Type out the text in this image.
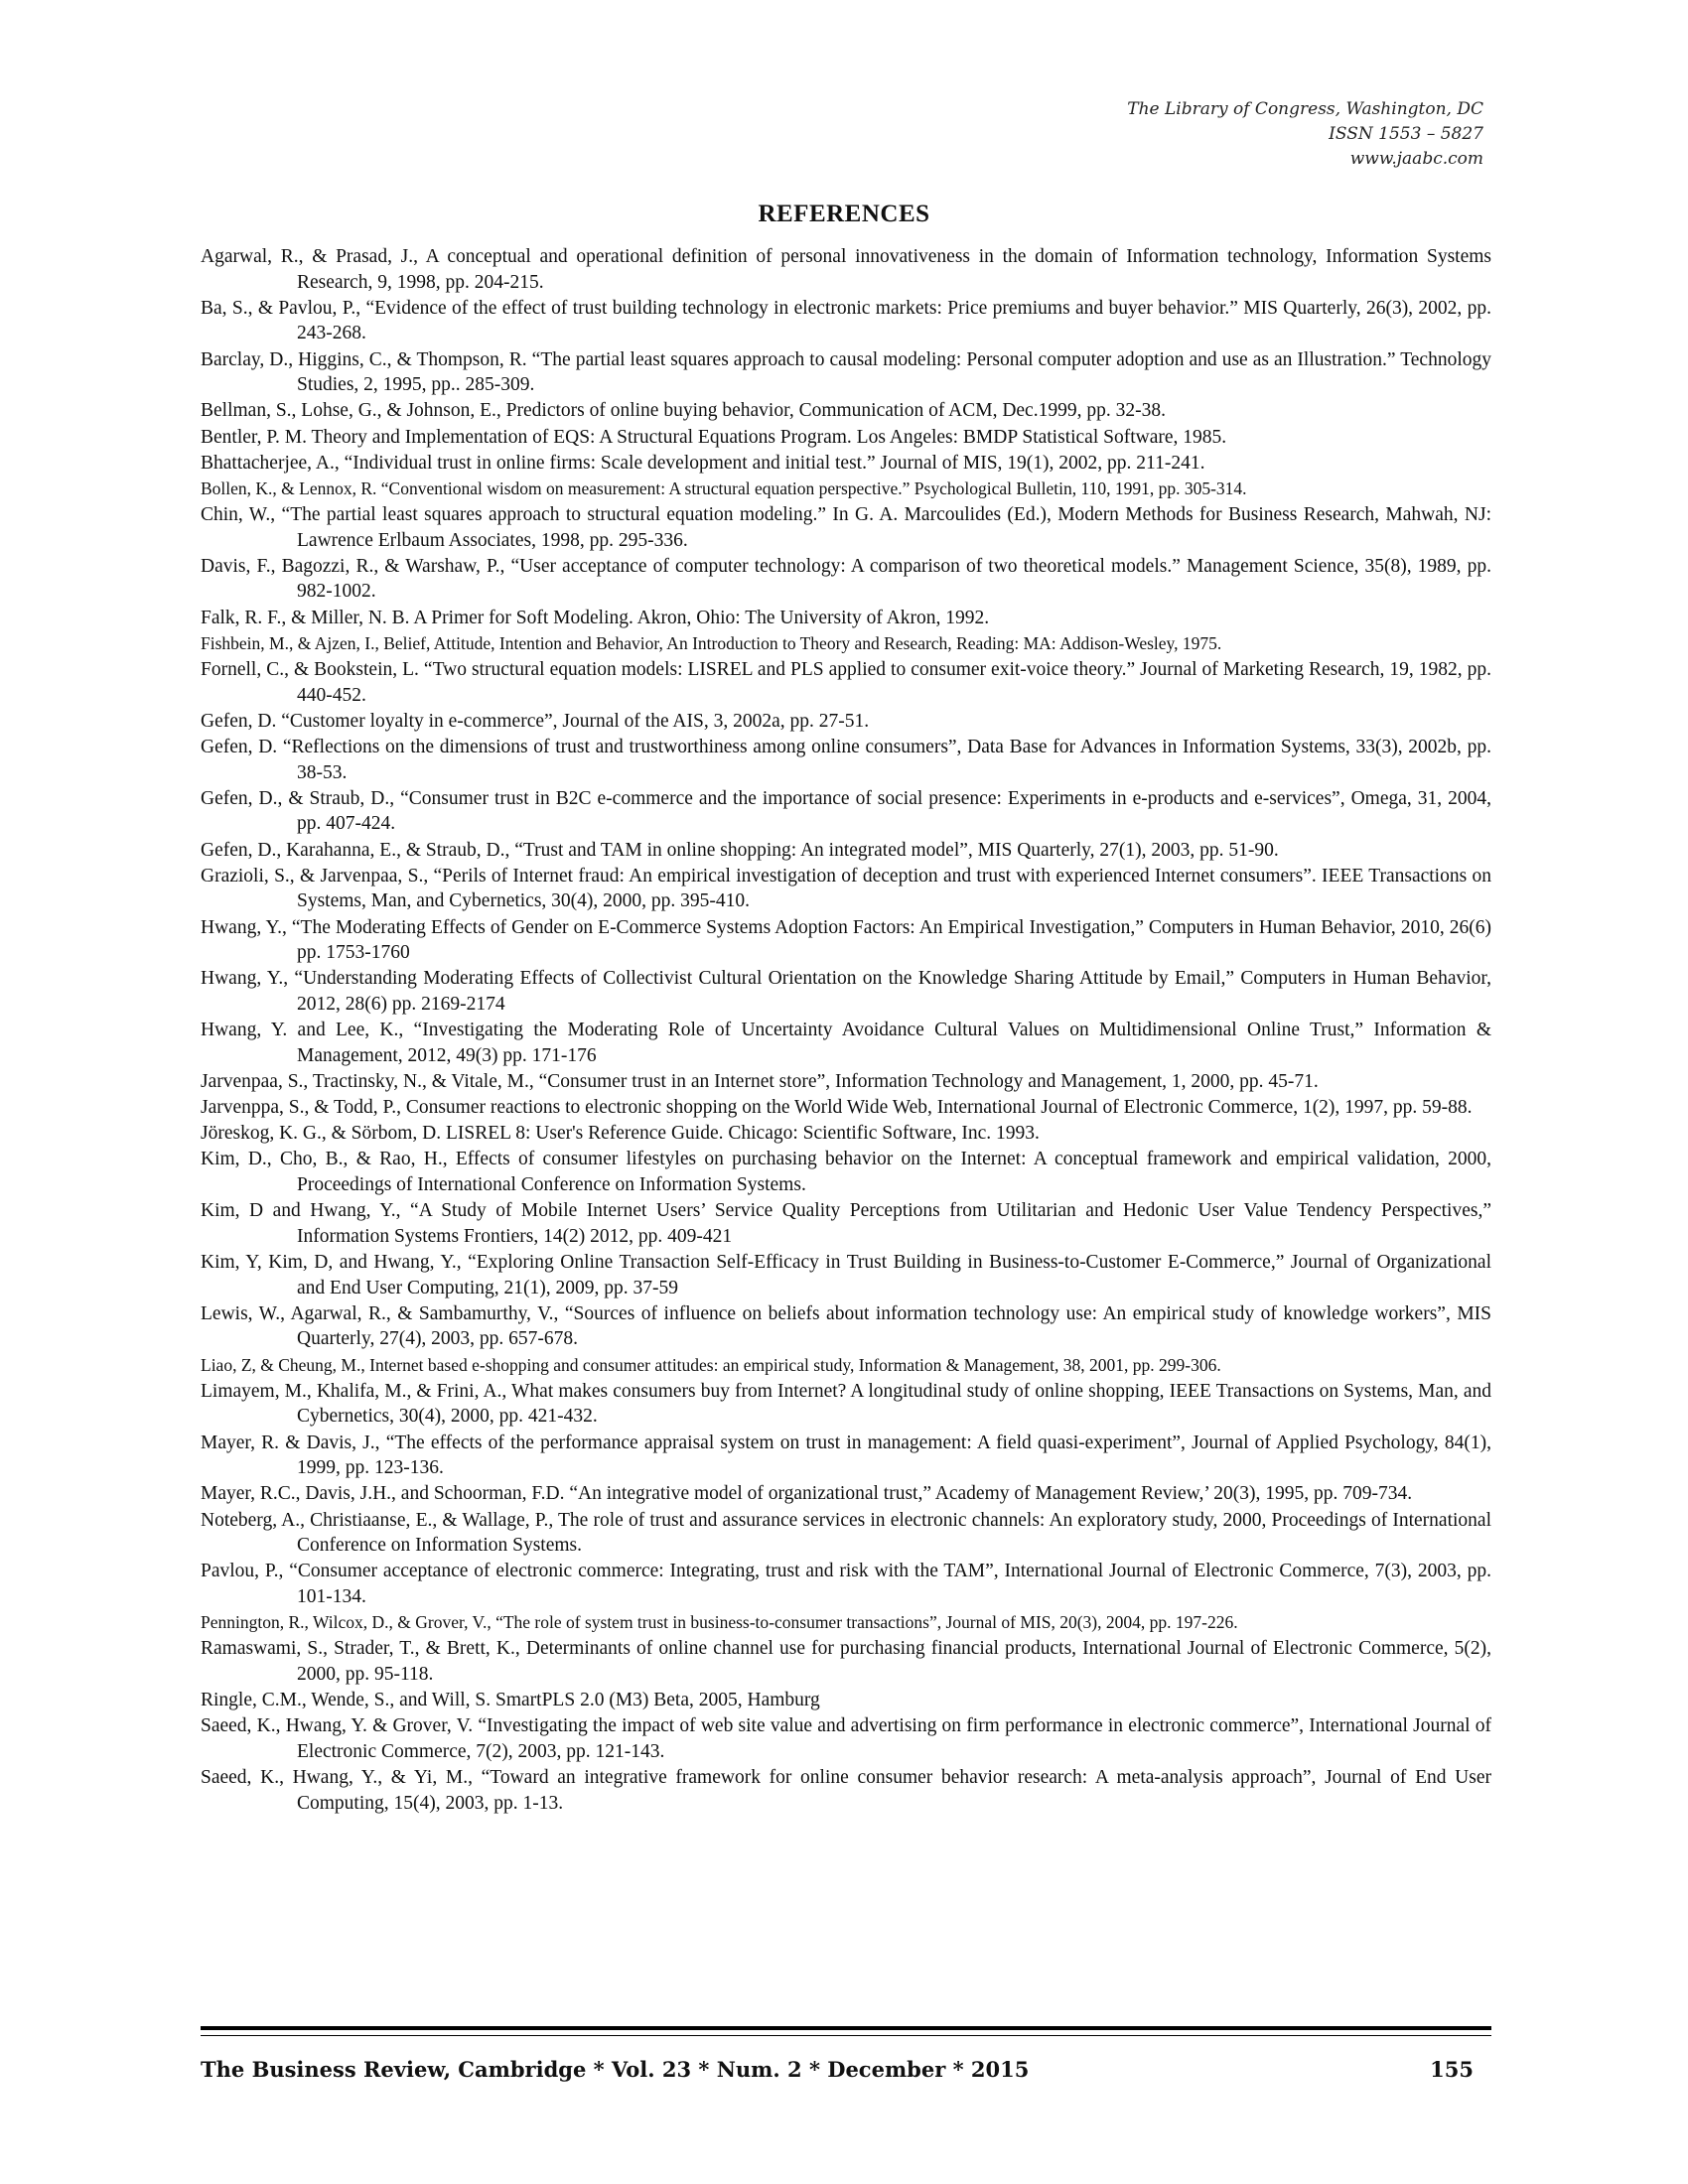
The Library of Congress, Washington, DC
ISSN 1553 – 5827
www.jaabc.com
REFERENCES
Agarwal, R., & Prasad, J., A conceptual and operational definition of personal innovativeness in the domain of Information technology, Information Systems Research, 9, 1998, pp. 204-215.
Ba, S., & Pavlou, P., “Evidence of the effect of trust building technology in electronic markets: Price premiums and buyer behavior.” MIS Quarterly, 26(3), 2002, pp. 243-268.
Barclay, D., Higgins, C., & Thompson, R. “The partial least squares approach to causal modeling: Personal computer adoption and use as an Illustration.” Technology Studies, 2, 1995, pp.. 285-309.
Bellman, S., Lohse, G., & Johnson, E., Predictors of online buying behavior, Communication of ACM, Dec.1999, pp. 32-38.
Bentler, P. M. Theory and Implementation of EQS: A Structural Equations Program. Los Angeles: BMDP Statistical Software, 1985.
Bhattacherjee, A., “Individual trust in online firms: Scale development and initial test.” Journal of MIS, 19(1), 2002, pp. 211-241.
Bollen, K., & Lennox, R. “Conventional wisdom on measurement: A structural equation perspective.” Psychological Bulletin, 110, 1991, pp. 305-314.
Chin, W., “The partial least squares approach to structural equation modeling.” In G. A. Marcoulides (Ed.), Modern Methods for Business Research, Mahwah, NJ: Lawrence Erlbaum Associates, 1998, pp. 295-336.
Davis, F., Bagozzi, R., & Warshaw, P., “User acceptance of computer technology: A comparison of two theoretical models.” Management Science, 35(8), 1989, pp. 982-1002.
Falk, R. F., & Miller, N. B. A Primer for Soft Modeling. Akron, Ohio: The University of Akron, 1992.
Fishbein, M., & Ajzen, I., Belief, Attitude, Intention and Behavior, An Introduction to Theory and Research, Reading: MA: Addison-Wesley, 1975.
Fornell, C., & Bookstein, L. “Two structural equation models: LISREL and PLS applied to consumer exit-voice theory.” Journal of Marketing Research, 19, 1982, pp. 440-452.
Gefen, D. “Customer loyalty in e-commerce”, Journal of the AIS, 3, 2002a, pp. 27-51.
Gefen, D. “Reflections on the dimensions of trust and trustworthiness among online consumers”, Data Base for Advances in Information Systems, 33(3), 2002b, pp. 38-53.
Gefen, D., & Straub, D., “Consumer trust in B2C e-commerce and the importance of social presence: Experiments in e-products and e-services”, Omega, 31, 2004, pp. 407-424.
Gefen, D., Karahanna, E., & Straub, D., “Trust and TAM in online shopping: An integrated model”, MIS Quarterly, 27(1), 2003, pp. 51-90.
Grazioli, S., & Jarvenpaa, S., “Perils of Internet fraud: An empirical investigation of deception and trust with experienced Internet consumers”. IEEE Transactions on Systems, Man, and Cybernetics, 30(4), 2000, pp. 395-410.
Hwang, Y., “The Moderating Effects of Gender on E-Commerce Systems Adoption Factors: An Empirical Investigation,” Computers in Human Behavior, 2010, 26(6) pp. 1753-1760
Hwang, Y., “Understanding Moderating Effects of Collectivist Cultural Orientation on the Knowledge Sharing Attitude by Email,” Computers in Human Behavior, 2012, 28(6) pp. 2169-2174
Hwang, Y. and Lee, K., “Investigating the Moderating Role of Uncertainty Avoidance Cultural Values on Multidimensional Online Trust,” Information & Management, 2012, 49(3) pp. 171-176
Jarvenpaa, S., Tractinsky, N., & Vitale, M., “Consumer trust in an Internet store”, Information Technology and Management, 1, 2000, pp. 45-71.
Jarvenppa, S., & Todd, P., Consumer reactions to electronic shopping on the World Wide Web, International Journal of Electronic Commerce, 1(2), 1997, pp. 59-88.
Jöreskog, K. G., & Sörbom, D. LISREL 8: User's Reference Guide. Chicago: Scientific Software, Inc. 1993.
Kim, D., Cho, B., & Rao, H., Effects of consumer lifestyles on purchasing behavior on the Internet: A conceptual framework and empirical validation, 2000, Proceedings of International Conference on Information Systems.
Kim, D and Hwang, Y., “A Study of Mobile Internet Users’ Service Quality Perceptions from Utilitarian and Hedonic User Value Tendency Perspectives,” Information Systems Frontiers, 14(2) 2012, pp. 409-421
Kim, Y, Kim, D, and Hwang, Y., “Exploring Online Transaction Self-Efficacy in Trust Building in Business-to-Customer E-Commerce,” Journal of Organizational and End User Computing, 21(1), 2009, pp. 37-59
Lewis, W., Agarwal, R., & Sambamurthy, V., “Sources of influence on beliefs about information technology use: An empirical study of knowledge workers”, MIS Quarterly, 27(4), 2003, pp. 657-678.
Liao, Z, & Cheung, M., Internet based e-shopping and consumer attitudes: an empirical study, Information & Management, 38, 2001, pp. 299-306.
Limayem, M., Khalifa, M., & Frini, A., What makes consumers buy from Internet? A longitudinal study of online shopping, IEEE Transactions on Systems, Man, and Cybernetics, 30(4), 2000, pp. 421-432.
Mayer, R. & Davis, J., “The effects of the performance appraisal system on trust in management: A field quasi-experiment”, Journal of Applied Psychology, 84(1), 1999, pp. 123-136.
Mayer, R.C., Davis, J.H., and Schoorman, F.D. “An integrative model of organizational trust,” Academy of Management Review,’ 20(3), 1995, pp. 709-734.
Noteberg, A., Christiaanse, E., & Wallage, P., The role of trust and assurance services in electronic channels: An exploratory study, 2000, Proceedings of International Conference on Information Systems.
Pavlou, P., “Consumer acceptance of electronic commerce: Integrating, trust and risk with the TAM”, International Journal of Electronic Commerce, 7(3), 2003, pp. 101-134.
Pennington, R., Wilcox, D., & Grover, V., “The role of system trust in business-to-consumer transactions”, Journal of MIS, 20(3), 2004, pp. 197-226.
Ramaswami, S., Strader, T., & Brett, K., Determinants of online channel use for purchasing financial products, International Journal of Electronic Commerce, 5(2), 2000, pp. 95-118.
Ringle, C.M., Wende, S., and Will, S. SmartPLS 2.0 (M3) Beta, 2005, Hamburg
Saeed, K., Hwang, Y. & Grover, V. “Investigating the impact of web site value and advertising on firm performance in electronic commerce”, International Journal of Electronic Commerce, 7(2), 2003, pp. 121-143.
Saeed, K., Hwang, Y., & Yi, M., “Toward an integrative framework for online consumer behavior research: A meta-analysis approach”, Journal of End User Computing, 15(4), 2003, pp. 1-13.
The Business Review, Cambridge * Vol. 23 * Num. 2 * December * 2015	155
